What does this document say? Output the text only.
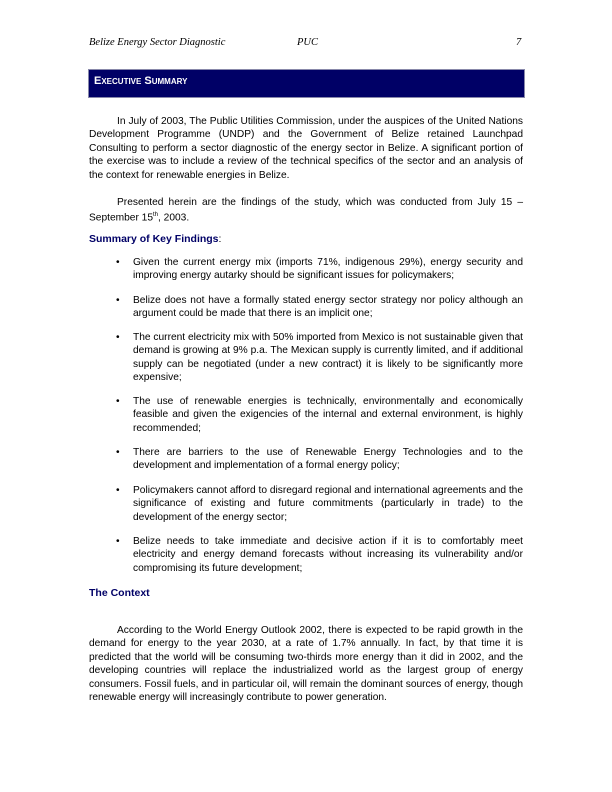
Belize Energy Sector Diagnostic	PUC	7
Executive Summary
In July of 2003, The Public Utilities Commission, under the auspices of the United Nations Development Programme (UNDP) and the Government of Belize retained Launchpad Consulting to perform a sector diagnostic of the energy sector in Belize. A significant portion of the exercise was to include a review of the technical specifics of the sector and an analysis of the context for renewable energies in Belize.
Presented herein are the findings of the study, which was conducted from July 15 – September 15th, 2003.
Summary of Key Findings:
• Given the current energy mix (imports 71%, indigenous 29%), energy security and improving energy autarky should be significant issues for policymakers;
• Belize does not have a formally stated energy sector strategy nor policy although an argument could be made that there is an implicit one;
• The current electricity mix with 50% imported from Mexico is not sustainable given that demand is growing at 9% p.a. The Mexican supply is currently limited, and if additional supply can be negotiated (under a new contract) it is likely to be significantly more expensive;
• The use of renewable energies is technically, environmentally and economically feasible and given the exigencies of the internal and external environment, is highly recommended;
• There are barriers to the use of Renewable Energy Technologies and to the development and implementation of a formal energy policy;
• Policymakers cannot afford to disregard regional and international agreements and the significance of existing and future commitments (particularly in trade) to the development of the energy sector;
• Belize needs to take immediate and decisive action if it is to comfortably meet electricity and energy demand forecasts without increasing its vulnerability and/or compromising its future development;
The Context
According to the World Energy Outlook 2002, there is expected to be rapid growth in the demand for energy to the year 2030, at a rate of 1.7% annually. In fact, by that time it is predicted that the world will be consuming two-thirds more energy than it did in 2002, and the developing countries will replace the industrialized world as the largest group of energy consumers. Fossil fuels, and in particular oil, will remain the dominant sources of energy, though renewable energy will increasingly contribute to power generation.
